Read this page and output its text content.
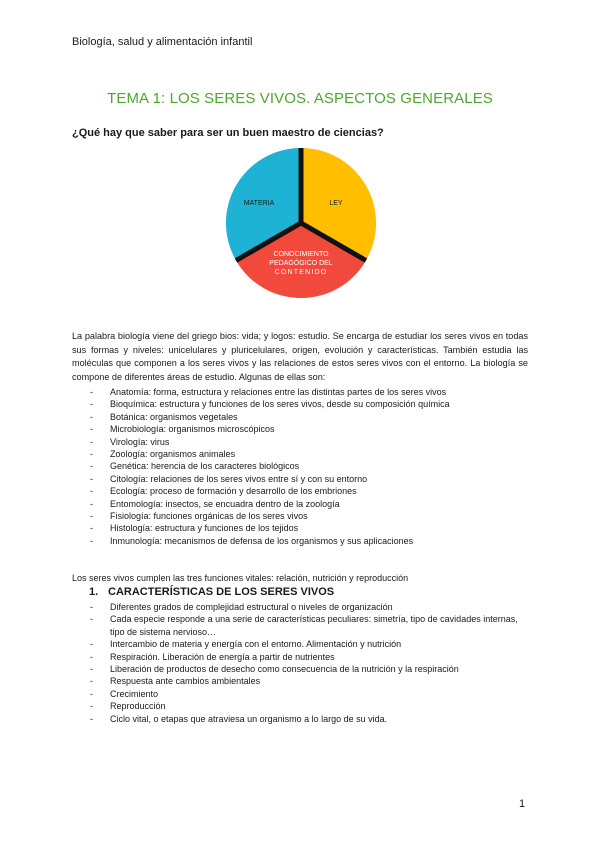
Biología, salud y alimentación infantil
TEMA 1: LOS SERES VIVOS. ASPECTOS GENERALES
¿Qué hay que saber para ser un buen maestro de ciencias?
MATERIA	LEY
CONOCIMIENTO
PEDAGÓGICO DEL
CONTENIDO

La palabra biología viene del griego bios: vida; y logos: estudio. Se encarga de estudiar los seres vivos en todas sus formas y niveles: unicelulares y pluricelulares, origen, evolución y características. También estudia las moléculas que componen a los seres vivos y las relaciones de estos seres vivos con el entorno. La biología se compone de diferentes áreas de estudio. Algunas de ellas son:

- Anatomía: forma, estructura y relaciones entre las distintas partes de los seres vivos
- Bioquímica: estructura y funciones de los seres vivos, desde su composición química
- Botánica: organismos vegetales
- Microbiología: organismos microscópicos
- Virología: virus
- Zoología: organismos animales
- Genética: herencia de los caracteres biológicos
- Citología: relaciones de los seres vivos entre sí y con su entorno
- Ecología: proceso de formación y desarrollo de los embriones
- Entomología: insectos, se encuadra dentro de la zoología
- Fisiología: funciones orgánicas de los seres vivos
- Histología: estructura y funciones de los tejidos
- Inmunología: mecanismos de defensa de los organismos y sus aplicaciones
Los seres vivos cumplen las tres funciones vitales: relación, nutrición y reproducción
1. CARACTERÍSTICAS DE LOS SERES VIVOS
- Diferentes grados de complejidad estructural o niveles de organización
- Cada especie responde a una serie de características peculiares: simetría, tipo de cavidades internas, tipo de sistema nervioso…
- Intercambio de materia y energía con el entorno. Alimentación y nutrición
- Respiración. Liberación de energía a partir de nutrientes
- Liberación de productos de desecho como consecuencia de la nutrición y la respiración
- Respuesta ante cambios ambientales
- Crecimiento
- Reproducción
- Ciclo vital, o etapas que atraviesa un organismo a lo largo de su vida.
1
